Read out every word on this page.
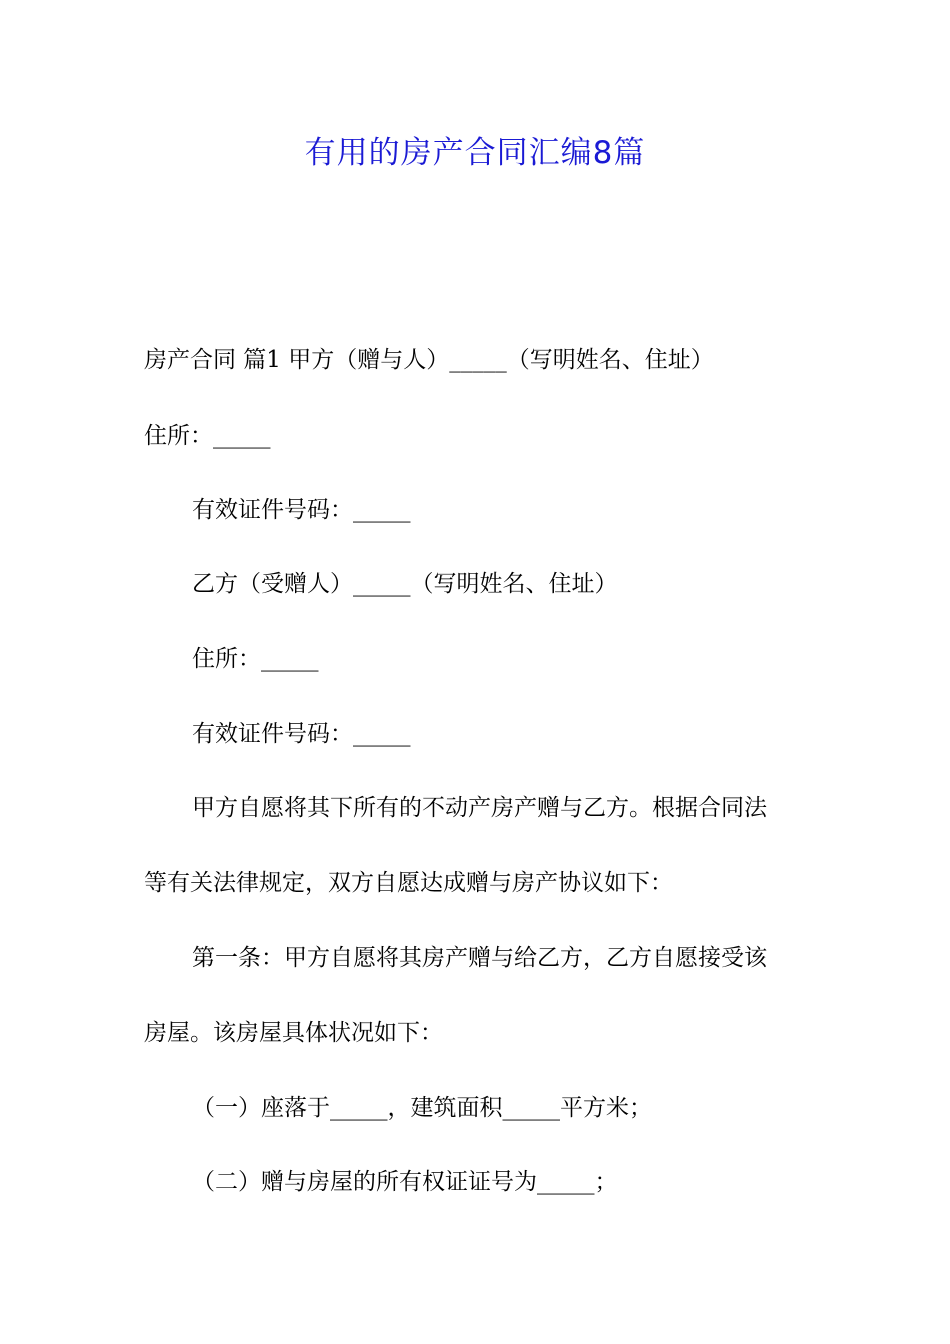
有用的房产合同汇编8篇
房产合同 篇1 甲方（赠与人）_____（写明姓名、住址）
住所：_____
有效证件号码：_____
乙方（受赠人）_____（写明姓名、住址）
住所：_____
有效证件号码：_____
甲方自愿将其下所有的不动产房产赠与乙方。根据合同法
等有关法律规定，双方自愿达成赠与房产协议如下：
第一条：甲方自愿将其房产赠与给乙方，乙方自愿接受该
房屋。该房屋具体状况如下：
（一）座落于_____，建筑面积_____平方米；
（二）赠与房屋的所有权证证号为_____；
